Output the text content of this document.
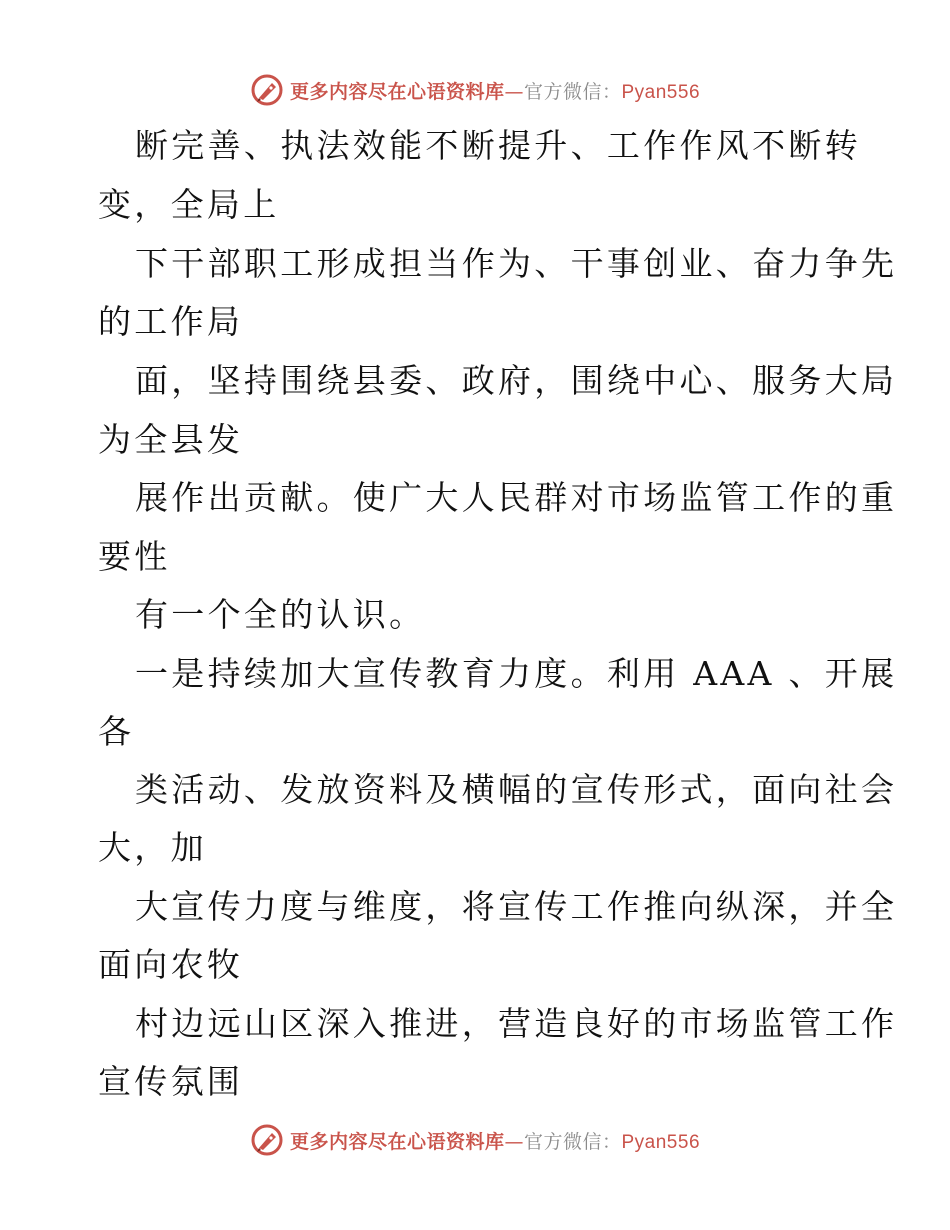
更多内容尽在心语资料库—官方微信：Pyan556
断完善、执法效能不断提升、工作作风不断转
变，全局上
下干部职工形成担当作为、干事创业、奋力争先
的工作局
面，坚持围绕县委、政府，围绕中心、服务大局
为全县发
展作出贡献。使广大人民群对市场监管工作的重
要性
有一个全的认识。
一是持续加大宣传教育力度。利用 AAA 、开展
各
类活动、发放资料及横幅的宣传形式，面向社会
大，加
大宣传力度与维度，将宣传工作推向纵深，并全
面向农牧
村边远山区深入推进，营造良好的市场监管工作
宣传氛围
更多内容尽在心语资料库—官方微信：Pyan556
